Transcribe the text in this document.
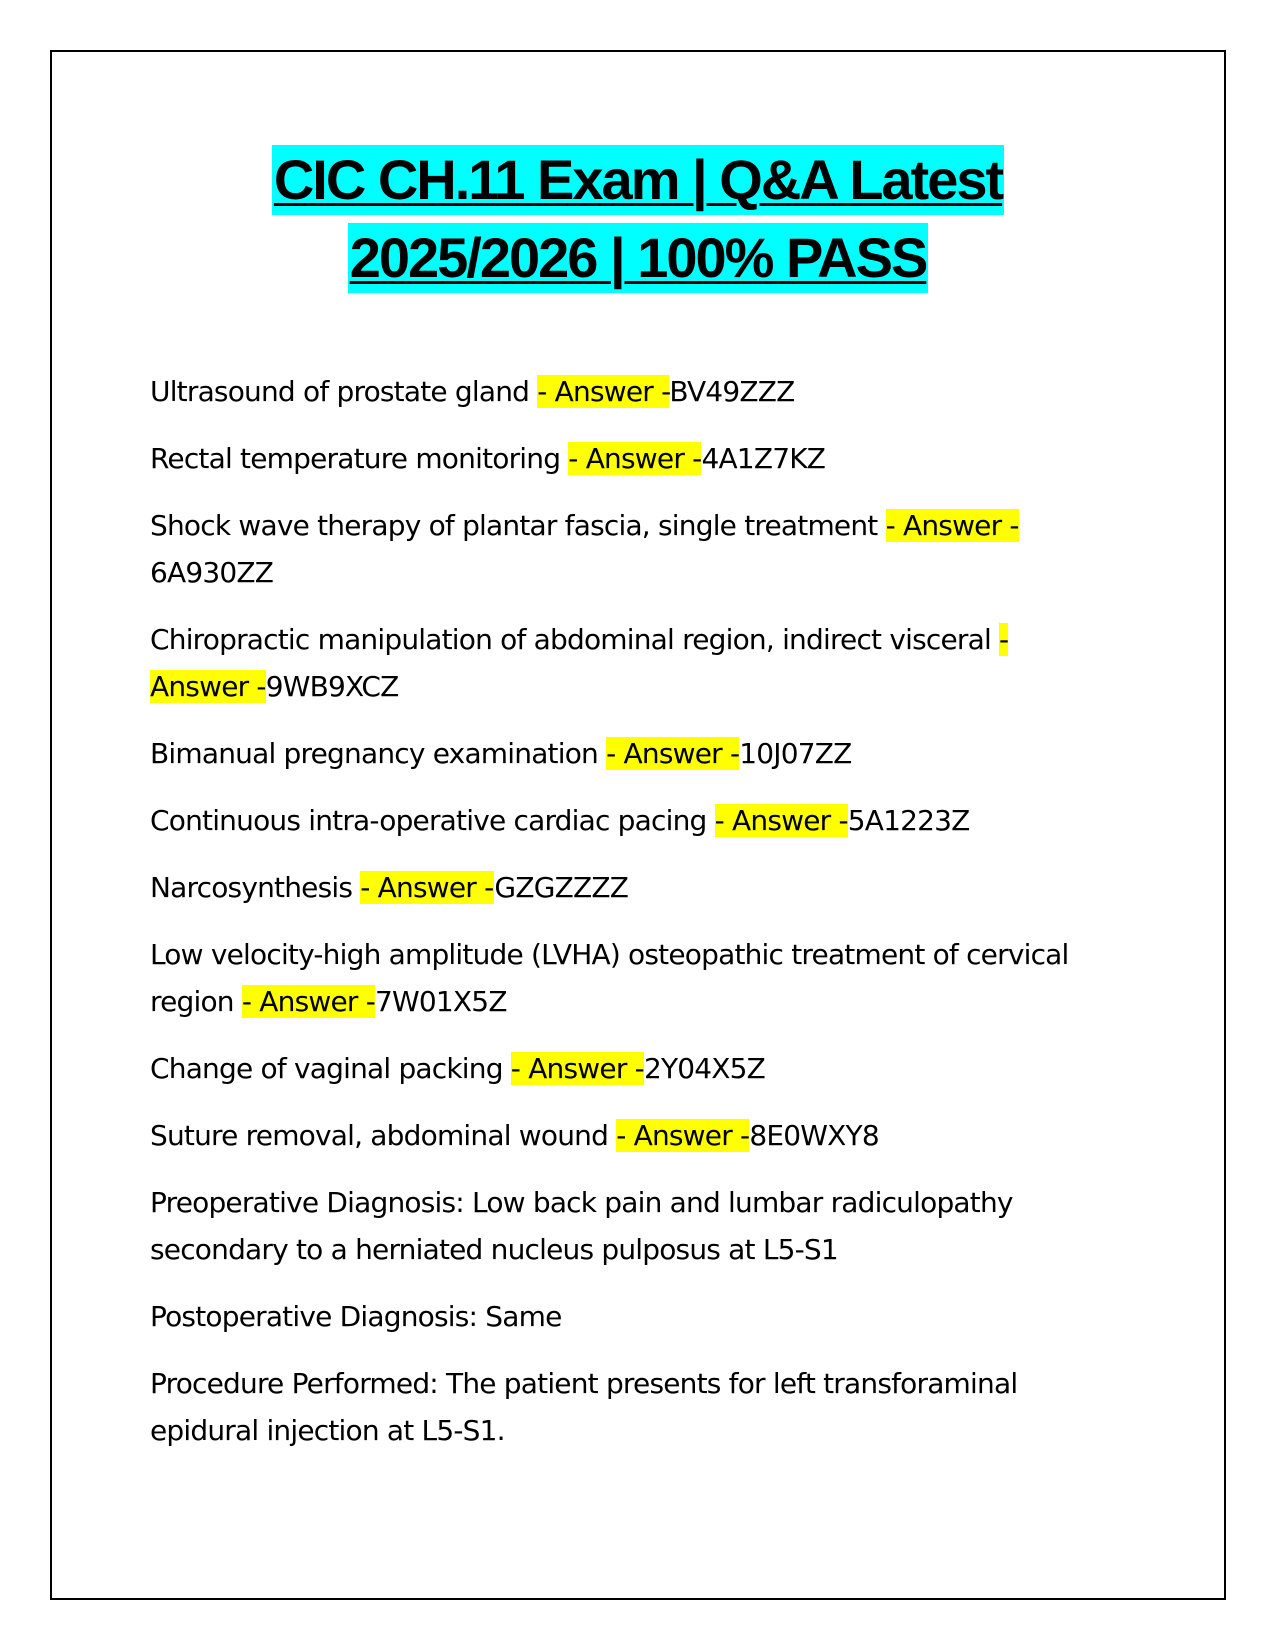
CIC CH.11 Exam | Q&A Latest
2025/2026 | 100% PASS
Ultrasound of prostate gland - Answer -BV49ZZZ
Rectal temperature monitoring - Answer -4A1Z7KZ
Shock wave therapy of plantar fascia, single treatment - Answer -
6A930ZZ
Chiropractic manipulation of abdominal region, indirect visceral - Answer -9WB9XCZ
Bimanual pregnancy examination - Answer -10J07ZZ
Continuous intra-operative cardiac pacing - Answer -5A1223Z
Narcosynthesis - Answer -GZGZZZZ
Low velocity-high amplitude (LVHA) osteopathic treatment of cervical region - Answer -7W01X5Z
Change of vaginal packing - Answer -2Y04X5Z
Suture removal, abdominal wound - Answer -8E0WXY8
Preoperative Diagnosis: Low back pain and lumbar radiculopathy secondary to a herniated nucleus pulposus at L5-S1
Postoperative Diagnosis: Same
Procedure Performed: The patient presents for left transforaminal epidural injection at L5-S1.
